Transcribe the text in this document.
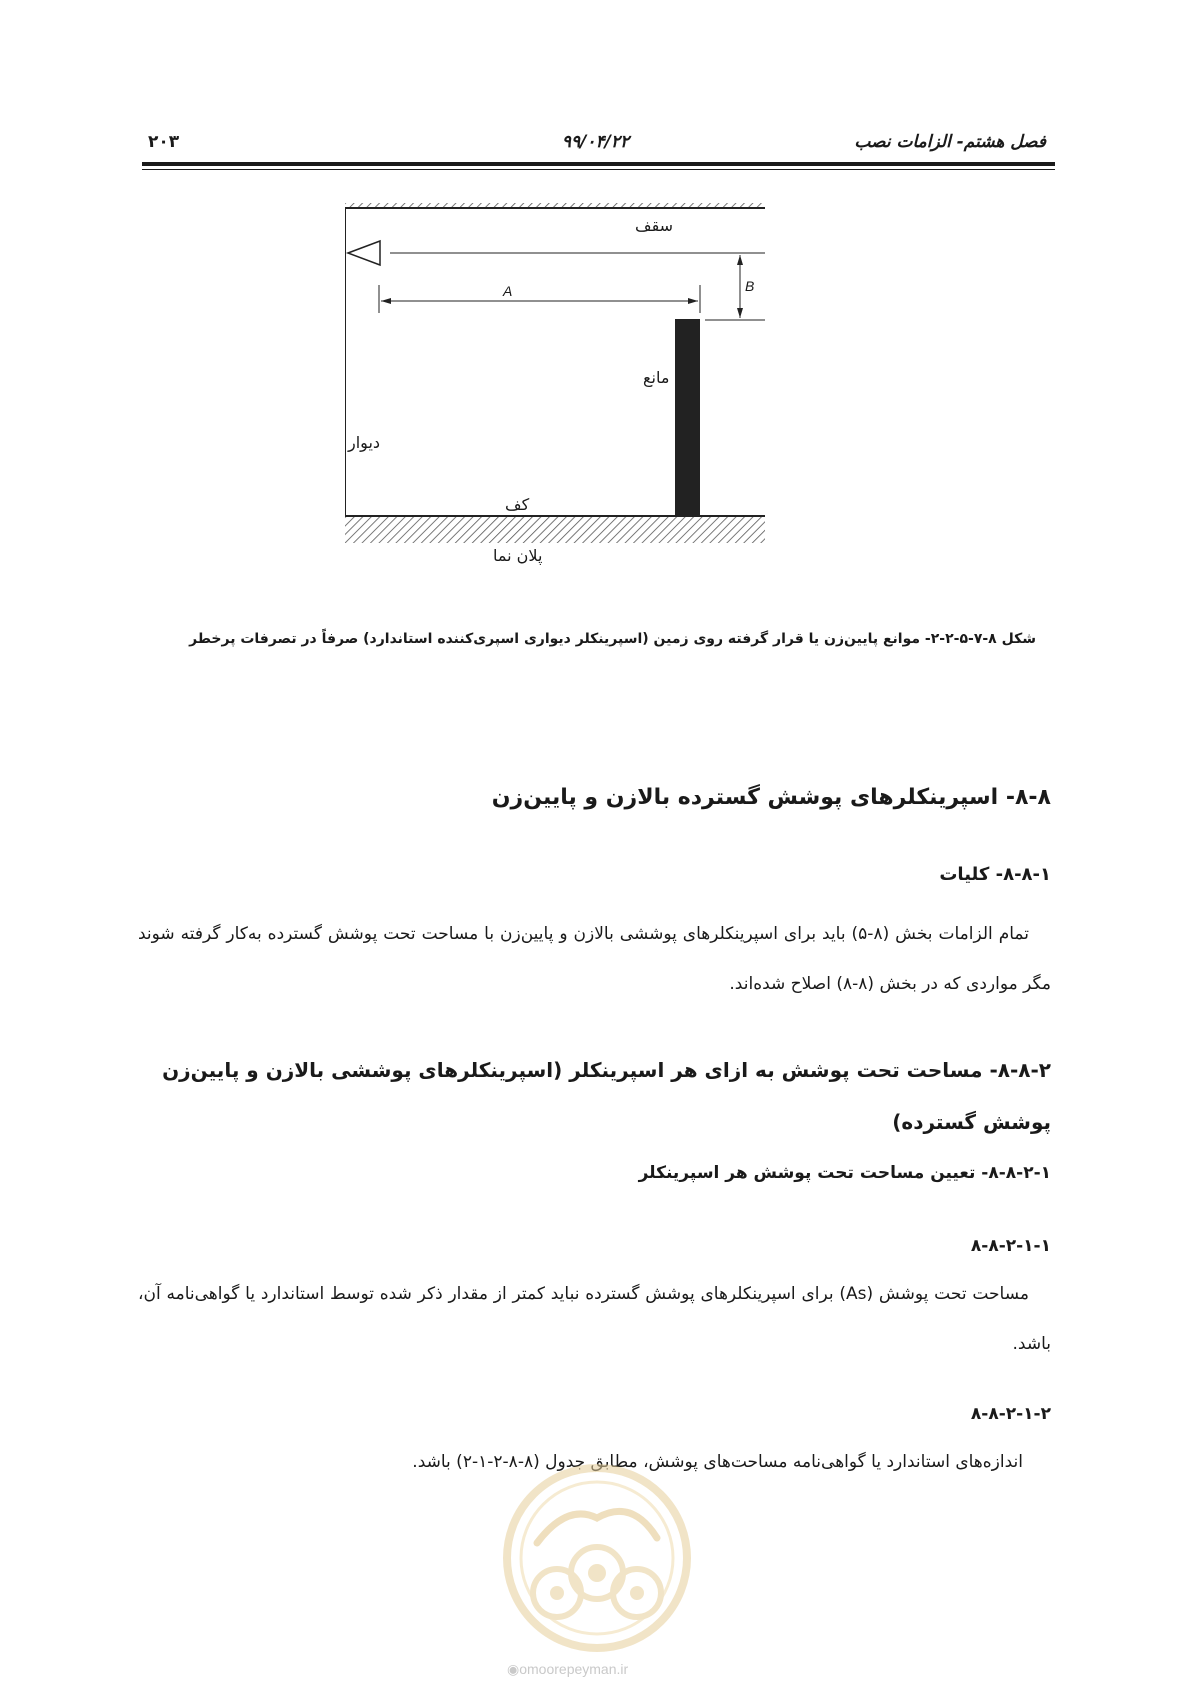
فصل هشتم- الزامات نصب
۹۹/۰۴/۲۲
۲۰۳
سقف
A	B
مانع
دیوار
کف
پلان نما
شکل ۸-۷-۵-۲-۲- موانع پایین‌زن یا قرار گرفته روی زمین (اسپرینکلر دیواری اسپری‌کننده استاندارد) صرفاً در تصرفات پرخطر
۸-۸- اسپرینکلرهای پوشش گسترده بالازن و پایین‌زن
۸-۸-۱- کلیات
تمام الزامات بخش (۸-۵) باید برای اسپرینکلرهای پوششی بالازن و پایین‌زن با مساحت تحت پوشش گسترده به‌کار گرفته شوند مگر مواردی که در بخش (۸-۸) اصلاح شده‌اند.
۸-۸-۲- مساحت تحت پوشش به ازای هر اسپرینکلر (اسپرینکلرهای پوششی بالازن و پایین‌زن پوشش گسترده)
۸-۸-۲-۱- تعیین مساحت تحت پوشش هر اسپرینکلر
۸-۸-۲-۱-۱
مساحت تحت پوشش (As) برای اسپرینکلرهای پوشش گسترده نباید کمتر از مقدار ذکر شده توسط استاندارد یا گواهی‌نامه آن، باشد.
۸-۸-۲-۱-۲
اندازه‌های استاندارد یا گواهی‌نامه مساحت‌های پوشش، مطابق جدول (۸-۸-۲-۱-۲) باشد.
◉omoorepeyman.ir
